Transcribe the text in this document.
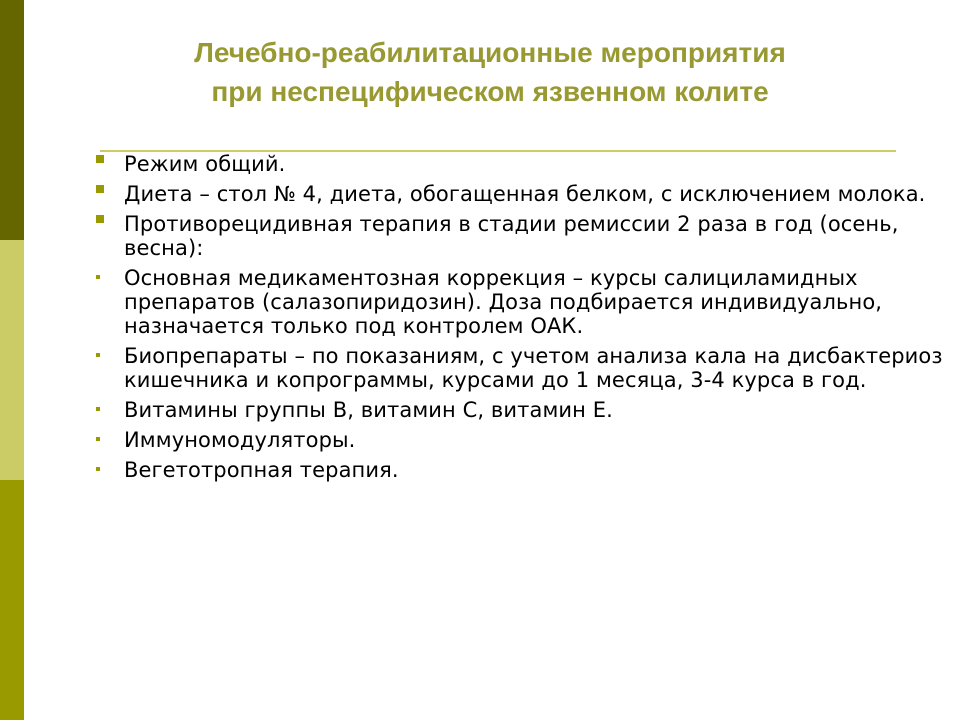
Лечебно-реабилитационные мероприятия
при неспецифическом язвенном колите
Режим общий.
Диета – стол № 4, диета, обогащенная белком, с исключением молока.
Противорецидивная терапия в стадии ремиссии 2 раза в год (осень, весна):
Основная медикаментозная коррекция – курсы салициламидных препаратов (салазопиридозин). Доза подбирается индивидуально, назначается только под контролем ОАК.
Биопрепараты – по показаниям, с учетом анализа кала на дисбактериоз кишечника и копрограммы, курсами до 1 месяца, 3-4 курса в год.
Витамины группы В, витамин С, витамин Е.
Иммуномодуляторы.
Вегетотропная терапия.
